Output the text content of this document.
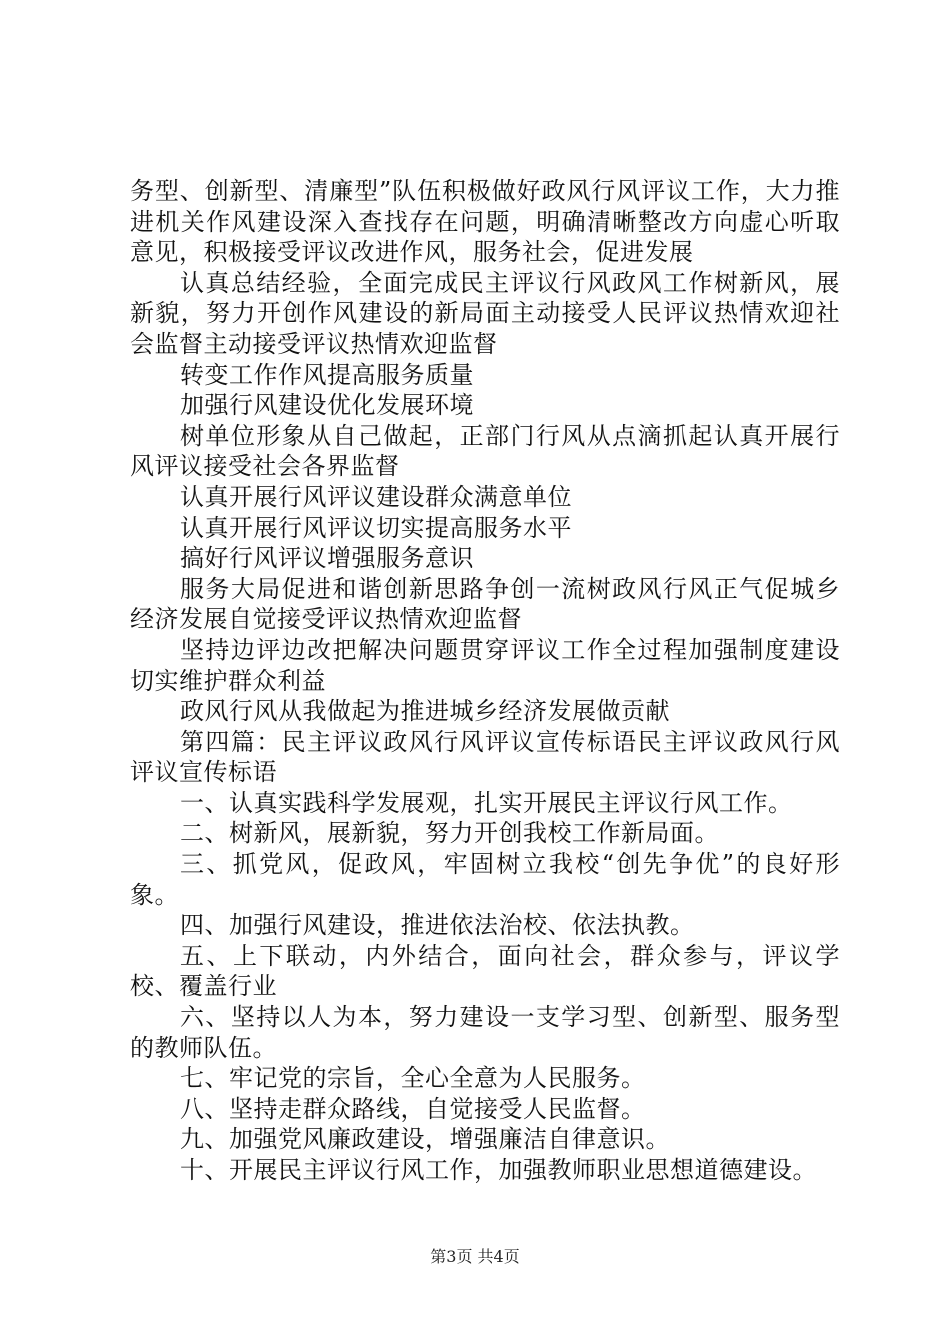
务型、创新型、清廉型”队伍积极做好政风行风评议工作，大力推进机关作风建设深入查找存在问题，明确清晰整改方向虚心听取意见，积极接受评议改进作风，服务社会，促进发展

认真总结经验，全面完成民主评议行风政风工作树新风，展新貌，努力开创作风建设的新局面主动接受人民评议热情欢迎社会监督主动接受评议热情欢迎监督

转变工作作风提高服务质量

加强行风建设优化发展环境

树单位形象从自己做起，正部门行风从点滴抓起认真开展行风评议接受社会各界监督

认真开展行风评议建设群众满意单位

认真开展行风评议切实提高服务水平

搞好行风评议增强服务意识

服务大局促进和谐创新思路争创一流树政风行风正气促城乡经济发展自觉接受评议热情欢迎监督

坚持边评边改把解决问题贯穿评议工作全过程加强制度建设切实维护群众利益

政风行风从我做起为推进城乡经济发展做贡献

第四篇：民主评议政风行风评议宣传标语民主评议政风行风评议宣传标语

一、认真实践科学发展观，扎实开展民主评议行风工作。

二、树新风，展新貌，努力开创我校工作新局面。

三、抓党风，促政风，牢固树立我校“创先争优”的良好形象。

四、加强行风建设，推进依法治校、依法执教。

五、上下联动，内外结合，面向社会，群众参与，评议学校、覆盖行业

六、坚持以人为本，努力建设一支学习型、创新型、服务型的教师队伍。

七、牢记党的宗旨，全心全意为人民服务。

八、坚持走群众路线，自觉接受人民监督。

九、加强党风廉政建设，增强廉洁自律意识。

十、开展民主评议行风工作，加强教师职业思想道德建设。

第3页 共4页
